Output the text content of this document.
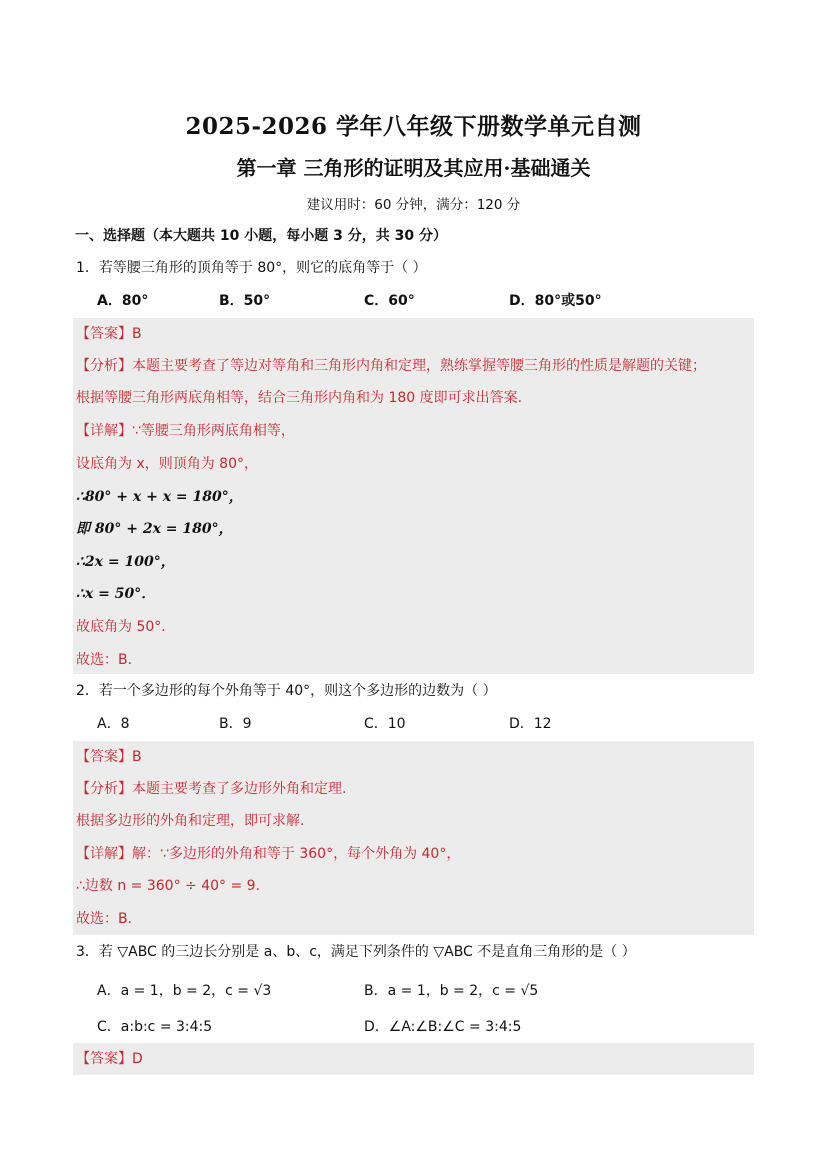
2025-2026 学年八年级下册数学单元自测
第一章 三角形的证明及其应用·基础通关
建议用时：60 分钟，满分：120 分
一、选择题（本大题共 10 小题，每小题 3 分，共 30 分）
1．若等腰三角形的顶角等于 80°，则它的底角等于（ ）
A．80°	B．50°	C．60°	D．80°或50°
【答案】B
【分析】本题主要考查了等边对等角和三角形内角和定理，熟练掌握等腰三角形的性质是解题的关键；
根据等腰三角形两底角相等，结合三角形内角和为 180 度即可求出答案.
【详解】∵等腰三角形两底角相等，
设底角为 x，则顶角为 80°，
∴80° + x + x = 180°，
即 80° + 2x = 180°，
∴2x = 100°，
∴x = 50°．
故底角为 50°．
故选：B．
2．若一个多边形的每个外角等于 40°，则这个多边形的边数为（ ）
A．8	B．9	C．10	D．12
【答案】B
【分析】本题主要考查了多边形外角和定理.
根据多边形的外角和定理，即可求解.
【详解】解：∵多边形的外角和等于 360°，每个外角为 40°，
∴边数 n = 360° ÷ 40° = 9．
故选：B．
3．若 ▽ABC 的三边长分别是 a、b、c，满足下列条件的 ▽ABC 不是直角三角形的是（ ）
A．a = 1，b = 2，c = √3	B．a = 1，b = 2，c = √5
C．a:b:c = 3:4:5	D．∠A:∠B:∠C = 3:4:5
【答案】D
